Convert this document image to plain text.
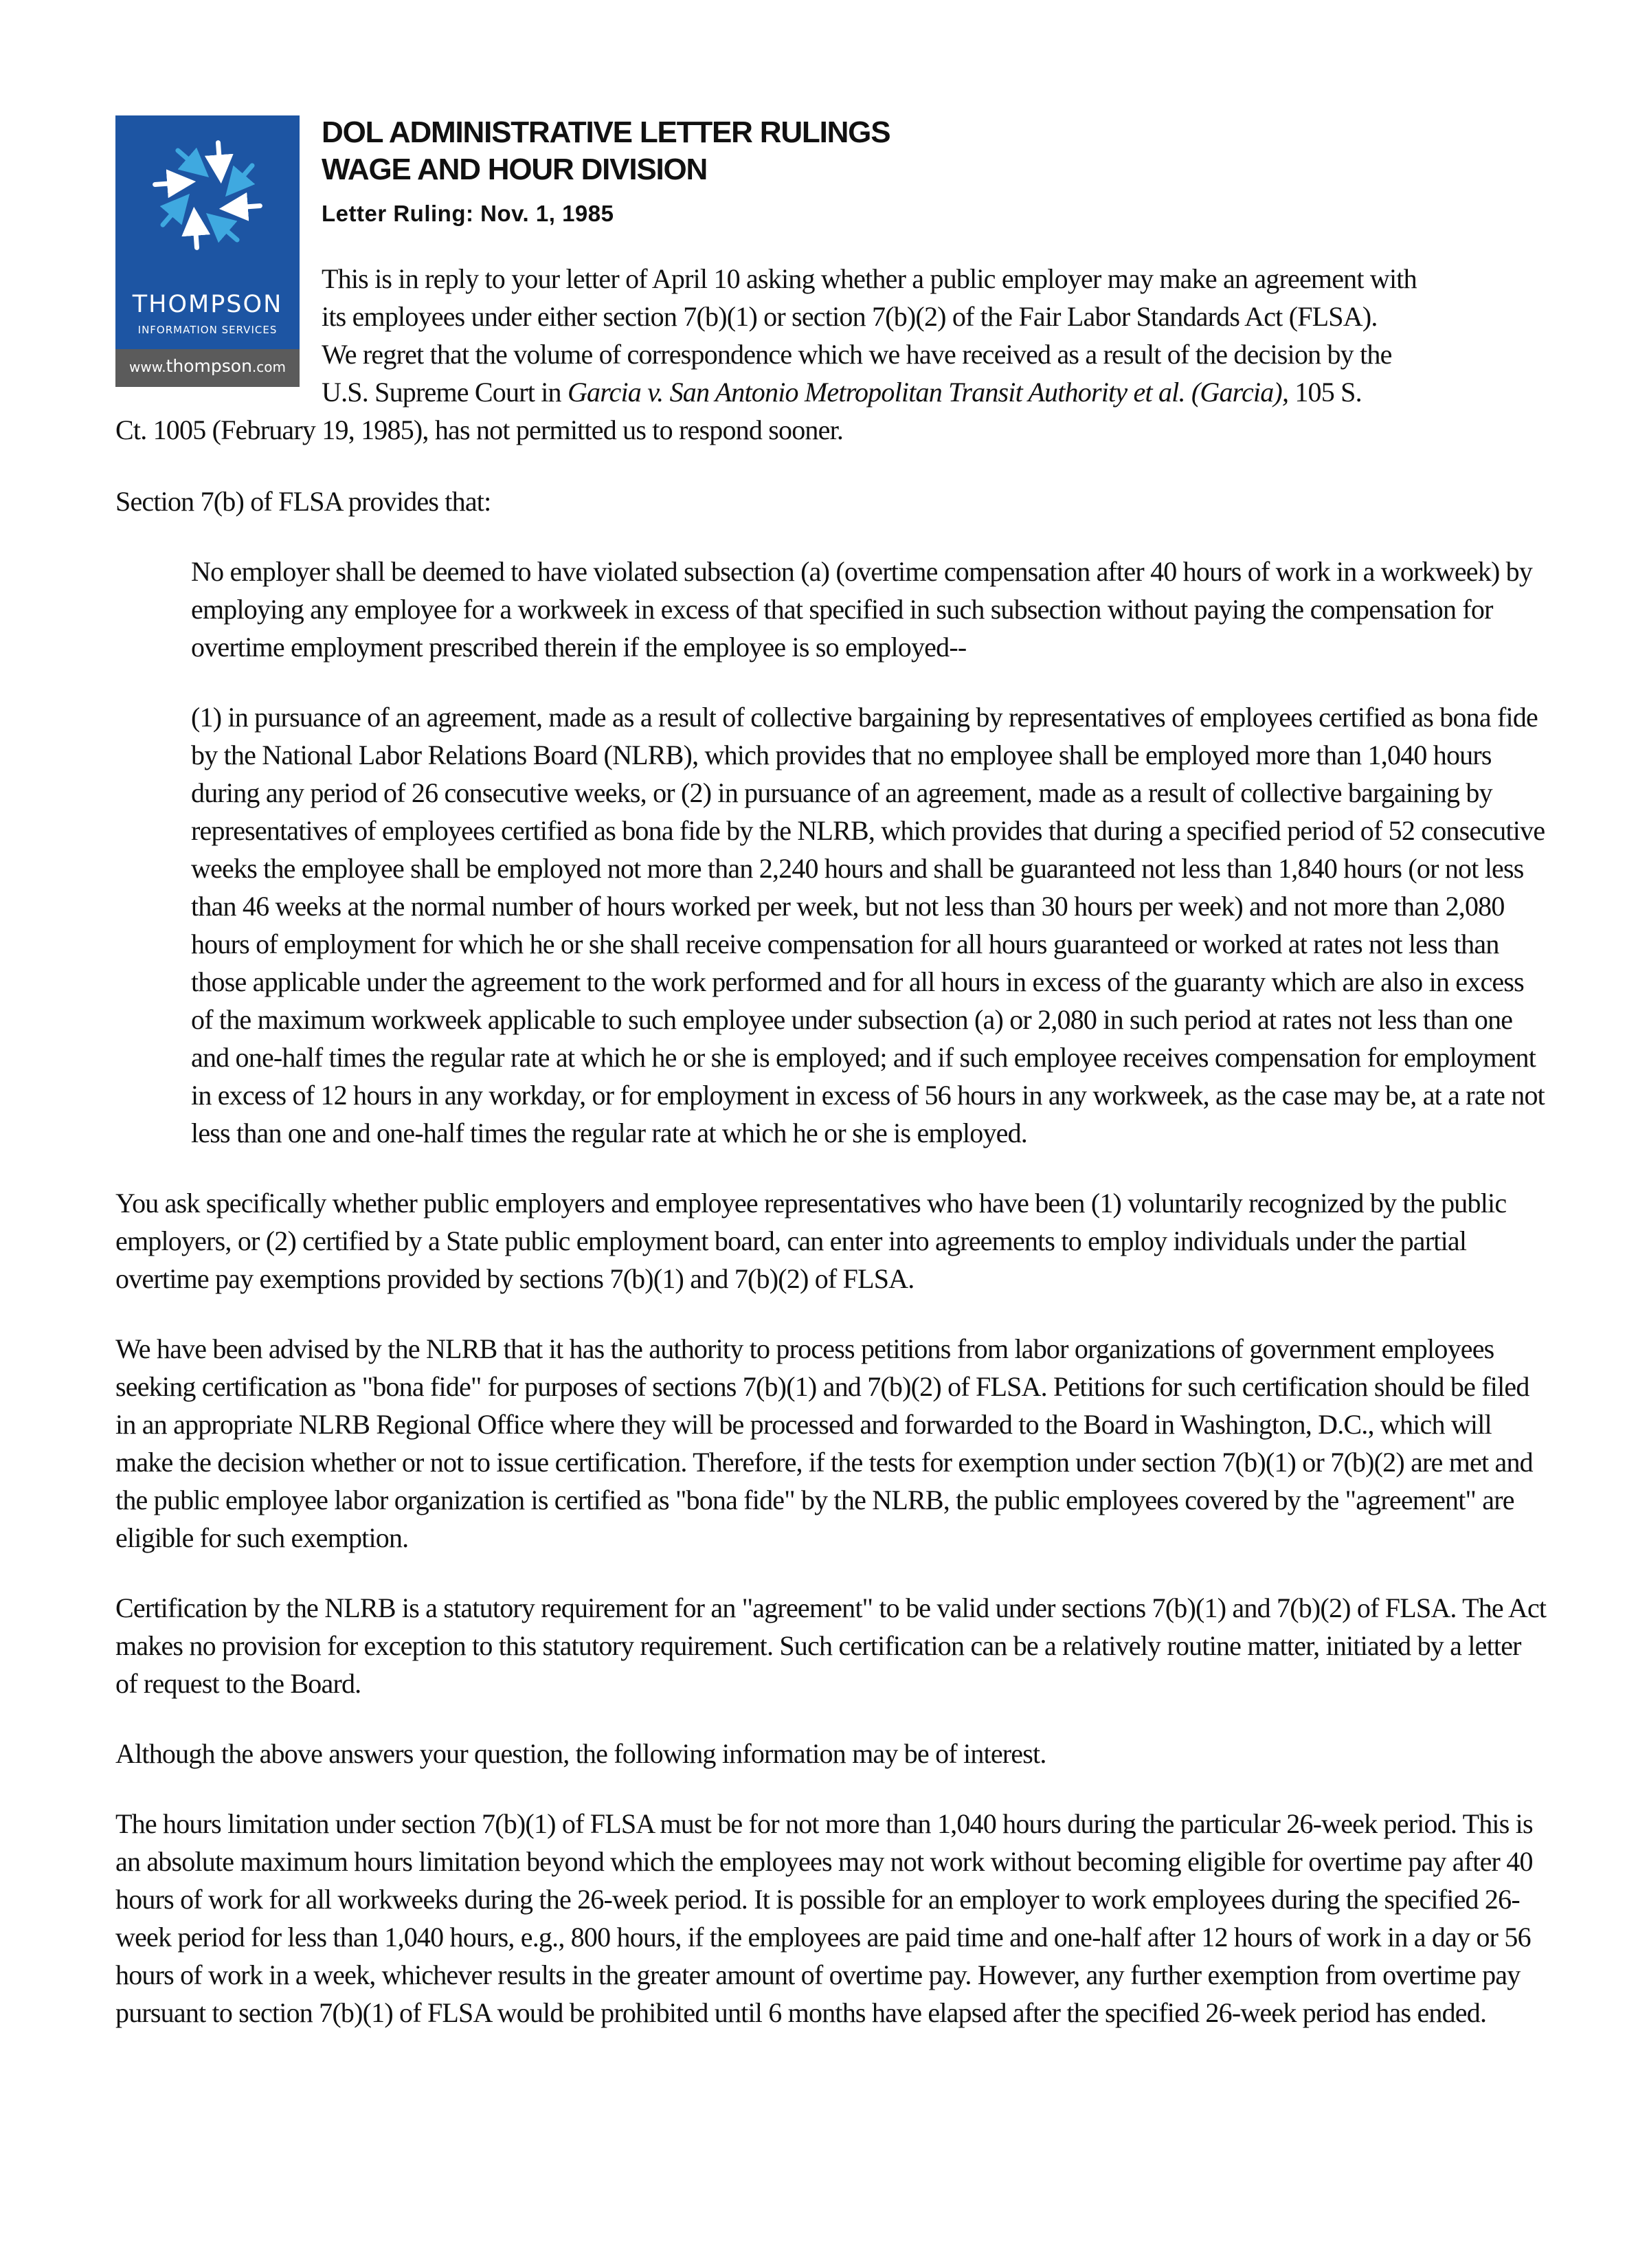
THOMPSON
INFORMATION SERVICES
www.thompson.com
DOL ADMINISTRATIVE LETTER RULINGS
WAGE AND HOUR DIVISION
Letter Ruling: Nov. 1, 1985
This is in reply to your letter of April 10 asking whether a public employer may make an agreement with
its employees under either section 7(b)(1) or section 7(b)(2) of the Fair Labor Standards Act (FLSA).
We regret that the volume of correspondence which we have received as a result of the decision by the
U.S. Supreme Court in Garcia v. San Antonio Metropolitan Transit Authority et al. (Garcia), 105 S.
Ct. 1005 (February 19, 1985), has not permitted us to respond sooner.

Section 7(b) of FLSA provides that:

No employer shall be deemed to have violated subsection (a) (overtime compensation after 40 hours of work in a workweek) by employing any employee for a workweek in excess of that specified in such subsection without paying the compensation for overtime employment prescribed therein if the employee is so employed--
(1) in pursuance of an agreement, made as a result of collective bargaining by representatives of employees certified as bona fide by the National Labor Relations Board (NLRB), which provides that no employee shall be employed more than 1,040 hours during any period of 26 consecutive weeks, or (2) in pursuance of an agreement, made as a result of collective bargaining by representatives of employees certified as bona fide by the NLRB, which provides that during a specified period of 52 consecutive weeks the employee shall be employed not more than 2,240 hours and shall be guaranteed not less than 1,840 hours (or not less than 46 weeks at the normal number of hours worked per week, but not less than 30 hours per week) and not more than 2,080 hours of employment for which he or she shall receive compensation for all hours guaranteed or worked at rates not less than those applicable under the agreement to the work performed and for all hours in excess of the guaranty which are also in excess of the maximum workweek applicable to such employee under subsection (a) or 2,080 in such period at rates not less than one and one-half times the regular rate at which he or she is employed; and if such employee receives compensation for employment in excess of 12 hours in any workday, or for employment in excess of 56 hours in any workweek, as the case may be, at a rate not less than one and one-half times the regular rate at which he or she is employed.

You ask specifically whether public employers and employee representatives who have been (1) voluntarily recognized by the public employers, or (2) certified by a State public employment board, can enter into agreements to employ individuals under the partial overtime pay exemptions provided by sections 7(b)(1) and 7(b)(2) of FLSA.

We have been advised by the NLRB that it has the authority to process petitions from labor organizations of government employees seeking certification as "bona fide" for purposes of sections 7(b)(1) and 7(b)(2) of FLSA. Petitions for such certification should be filed in an appropriate NLRB Regional Office where they will be processed and forwarded to the Board in Washington, D.C., which will make the decision whether or not to issue certification. Therefore, if the tests for exemption under section 7(b)(1) or 7(b)(2) are met and the public employee labor organization is certified as "bona fide" by the NLRB, the public employees covered by the "agreement" are eligible for such exemption.

Certification by the NLRB is a statutory requirement for an "agreement" to be valid under sections 7(b)(1) and 7(b)(2) of FLSA. The Act makes no provision for exception to this statutory requirement. Such certification can be a relatively routine matter, initiated by a letter of request to the Board.

Although the above answers your question, the following information may be of interest.

The hours limitation under section 7(b)(1) of FLSA must be for not more than 1,040 hours during the particular 26-week period. This is an absolute maximum hours limitation beyond which the employees may not work without becoming eligible for overtime pay after 40 hours of work for all workweeks during the 26-week period. It is possible for an employer to work employees during the specified 26-week period for less than 1,040 hours, e.g., 800 hours, if the employees are paid time and one-half after 12 hours of work in a day or 56 hours of work in a week, whichever results in the greater amount of overtime pay. However, any further exemption from overtime pay pursuant to section 7(b)(1) of FLSA would be prohibited until 6 months have elapsed after the specified 26-week period has ended.
